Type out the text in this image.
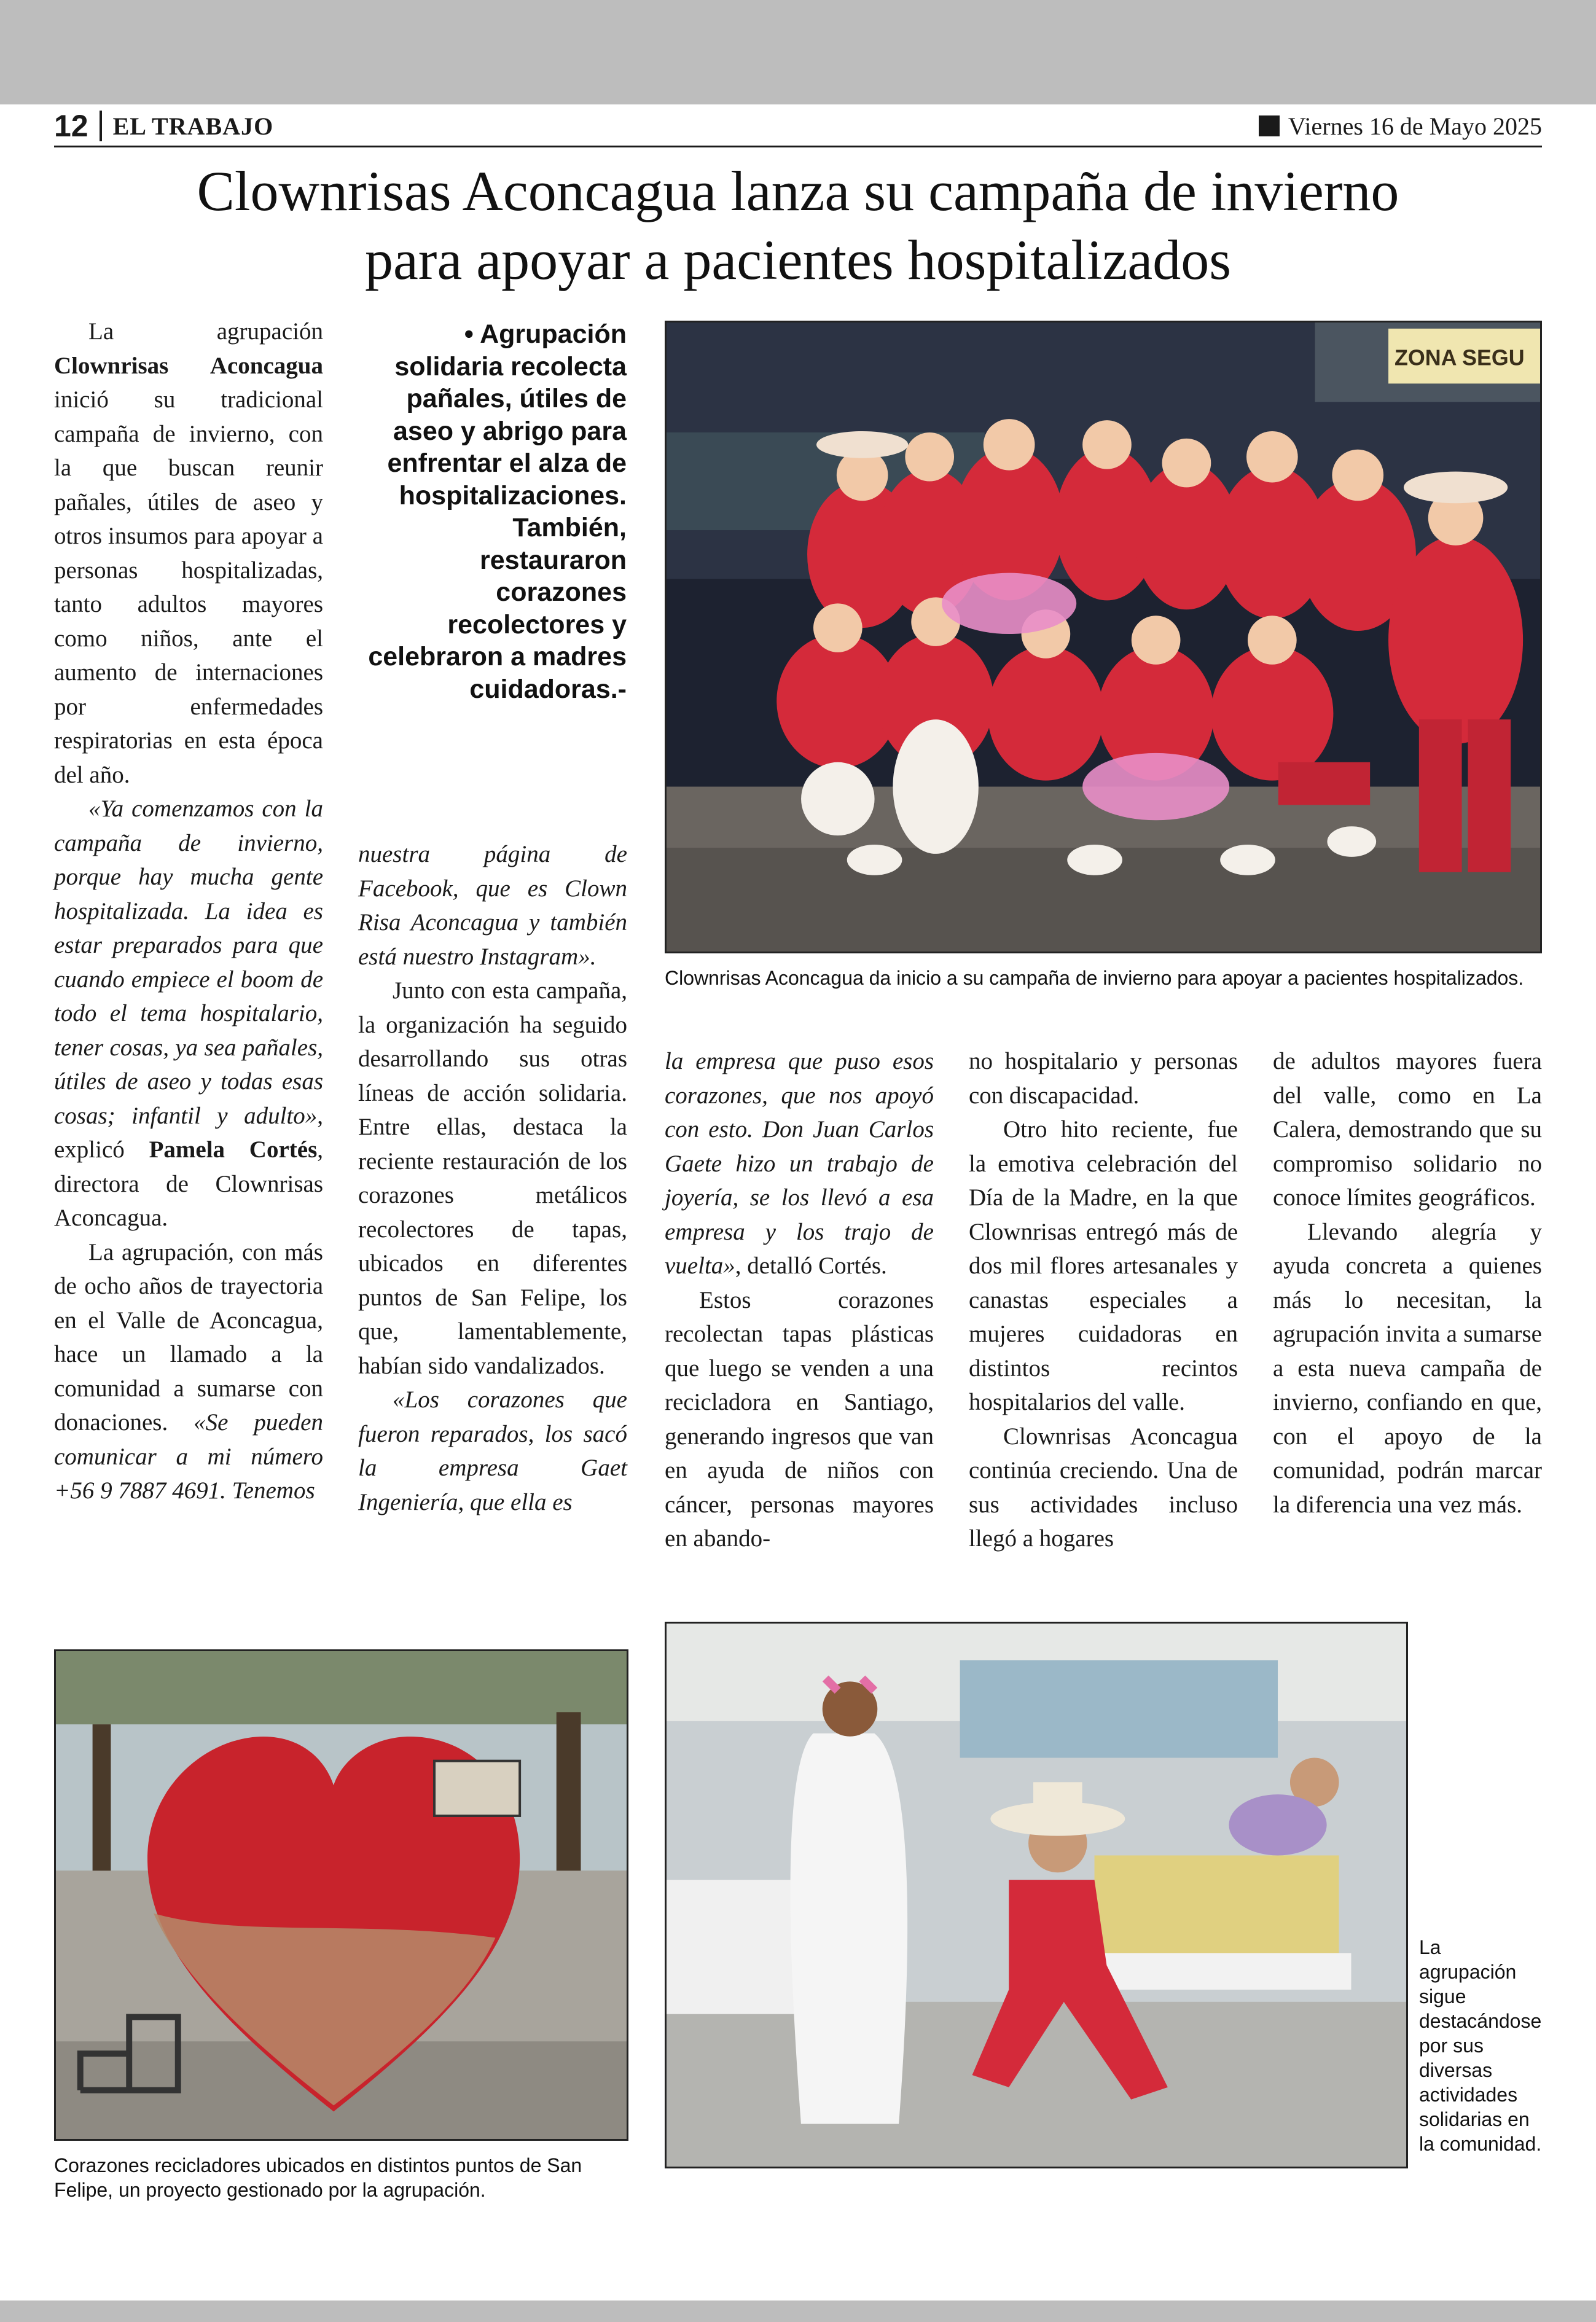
12 EL TRABAJO	Viernes 16 de Mayo 2025
Clownrisas Aconcagua lanza su campaña de invierno
para apoyar a pacientes hospitalizados

La agrupación Clownrisas Aconcagua inició su tradicional campaña de invierno, con la que buscan reunir pañales, útiles de aseo y otros insumos para apoyar a personas hospitalizadas, tanto adultos mayores como niños, ante el aumento de internaciones por enfermedades respiratorias en esta época del año.

«Ya comenzamos con la campaña de invierno, porque hay mucha gente hospitalizada. La idea es estar preparados para que cuando empiece el boom de todo el tema hospitalario, tener cosas, ya sea pañales, útiles de aseo y todas esas cosas; infantil y adulto», explicó Pamela Cortés, directora de Clownrisas Aconcagua.

La agrupación, con más de ocho años de trayectoria en el Valle de Aconcagua, hace un llamado a la comunidad a sumarse con donaciones. «Se pueden comunicar a mi número +56 9 7887 4691. Tenemos

• Agrupación solidaria recolecta pañales, útiles de aseo y abrigo para enfrentar el alza de hospitalizaciones. También, restauraron corazones recolectores y celebraron a madres cuidadoras.-

nuestra página de Facebook, que es Clown Risa Aconcagua y también está nuestro Instagram».

Junto con esta campaña, la organización ha seguido desarrollando sus otras líneas de acción solidaria. Entre ellas, destaca la reciente restauración de los corazones metálicos recolectores de tapas, ubicados en diferentes puntos de San Felipe, los que, lamentablemente, habían sido vandalizados.

«Los corazones que fueron reparados, los sacó la empresa Gaet Ingeniería, que ella es

la empresa que puso esos corazones, que nos apoyó con esto. Don Juan Carlos Gaete hizo un trabajo de joyería, se los llevó a esa empresa y los trajo de vuelta», detalló Cortés.

Estos corazones recolectan tapas plásticas que luego se venden a una recicladora en Santiago, generando ingresos que van en ayuda de niños con cáncer, personas mayores en abando-

no hospitalario y personas con discapacidad.

Otro hito reciente, fue la emotiva celebración del Día de la Madre, en la que Clownrisas entregó más de dos mil flores artesanales y canastas especiales a mujeres cuidadoras en distintos recintos hospitalarios del valle.

Clownrisas Aconcagua continúa creciendo. Una de sus actividades incluso llegó a hogares

de adultos mayores fuera del valle, como en La Calera, demostrando que su compromiso solidario no conoce límites geográficos.

Llevando alegría y ayuda concreta a quienes más lo necesitan, la agrupación invita a sumarse a esta nueva campaña de invierno, confiando en que, con el apoyo de la comunidad, podrán marcar la diferencia una vez más.

ZONA SEGU
Clownrisas Aconcagua da inicio a su campaña de invierno para apoyar a pacientes hospitalizados.
Corazones recicladores ubicados en distintos puntos de San Felipe, un proyecto gestionado por la agrupación.
La agrupación sigue destacándose por sus diversas actividades solidarias en la comunidad.
